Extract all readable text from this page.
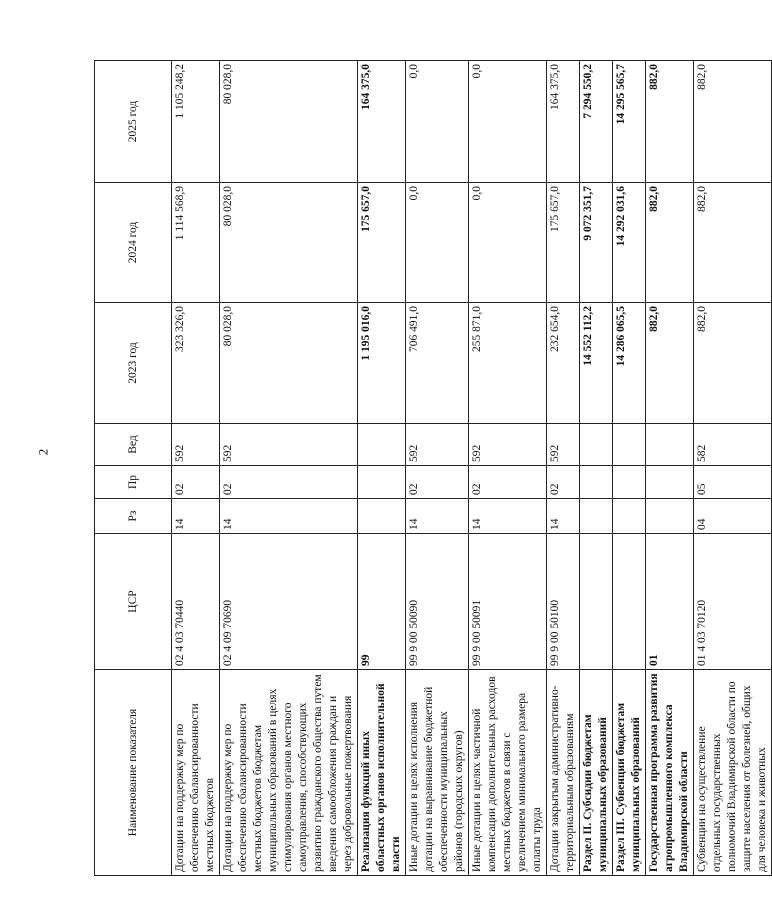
2
Наименование показателя	ЦСР	Рз	Пр	Вед	2023 год	2024 год	2025 год
Дотации на поддержку мер по обеспечению сбалансированности местных бюджетов	02 4 03 70440	14	02	592	323 326,0	1 114 568,9	1 105 248,2
Дотации на поддержку мер по обеспечению сбалансированности местных бюджетов бюджетам муниципальных образований в целях стимулирования органов местного самоуправления, способствующих развитию гражданского общества путем введения самообложения граждан и через добровольные пожертвования	02 4 09 70690	14	02	592	80 028,0	80 028,0	80 028,0
Реализация функций иных областных органов исполнительной власти	99				1 195 016,0	175 657,0	164 375,0
Иные дотации в целях исполнения дотации на выравнивание бюджетной обеспеченности муниципальных районов (городских округов)	99 9 00 50090	14	02	592	706 491,0	0,0	0,0
Иные дотации в целях частичной компенсации дополнительных расходов местных бюджетов в связи с увеличением минимального размера оплаты труда	99 9 00 50091	14	02	592	255 871,0	0,0	0,0
Дотации закрытым административно-территориальным образованиям	99 9 00 50100	14	02	592	232 654,0	175 657,0	164 375,0
Раздел II. Субсидии бюджетам муниципальных образований					14 552 112,2	9 072 351,7	7 294 550,2
Раздел III. Субвенции бюджетам муниципальных образований					14 286 065,5	14 292 031,6	14 295 565,7
Государственная программа развития агропромышленного комплекса Владимирской области	01				882,0	882,0	882,0
Субвенции на осуществление отдельных государственных полномочий Владимирской области по защите населения от болезней, общих для человека и животных	01 4 03 70120	04	05	582	882,0	882,0	882,0
